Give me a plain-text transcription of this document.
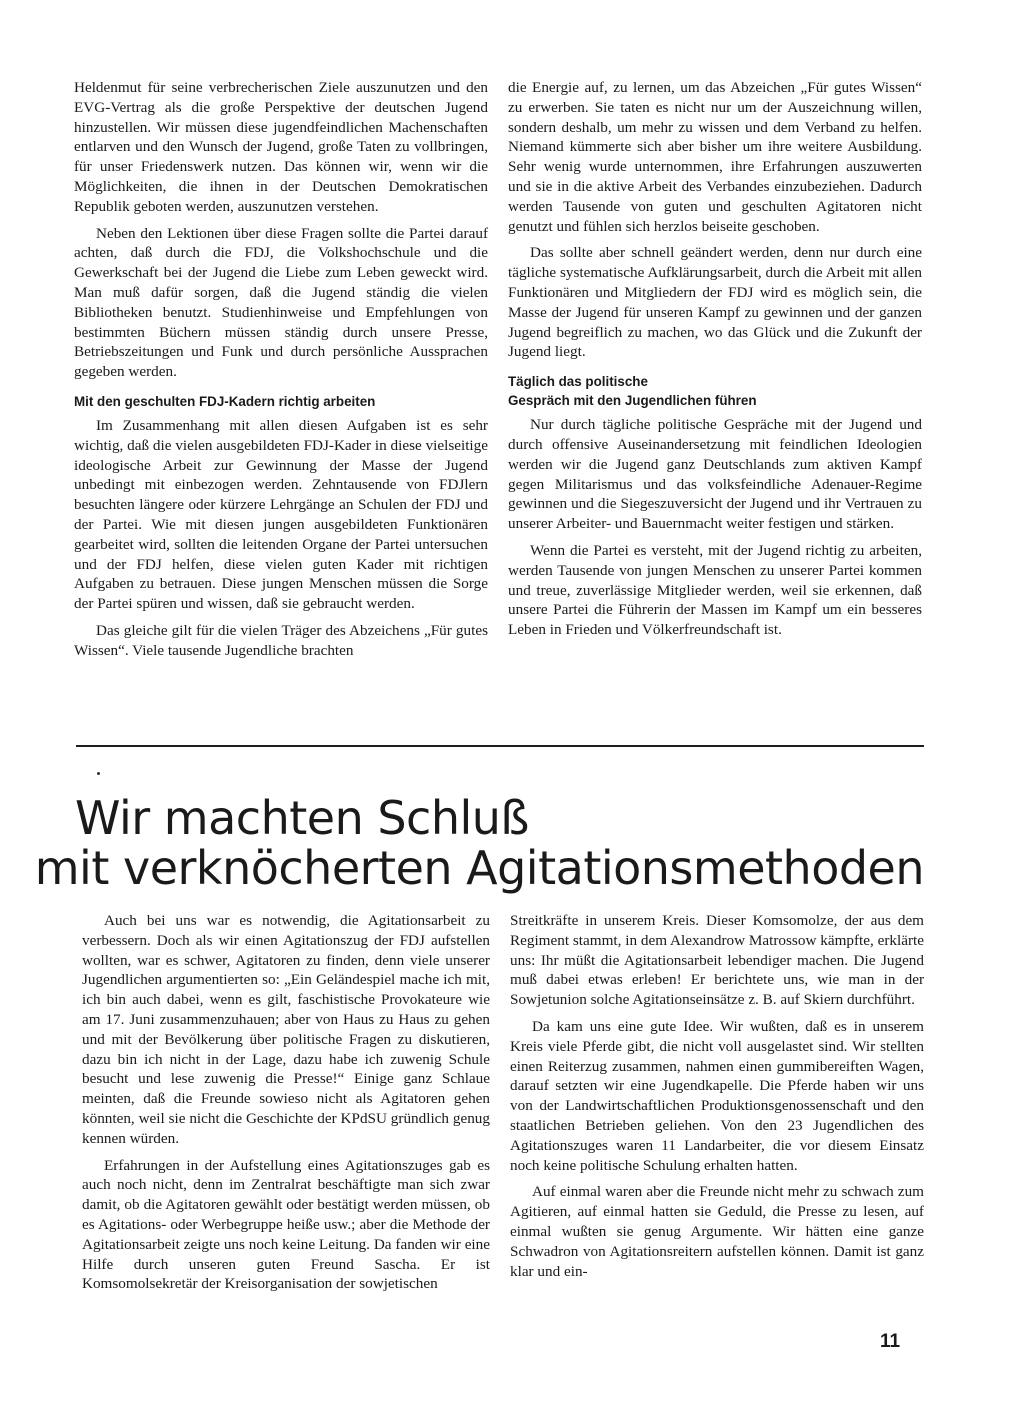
Heldenmut für seine verbrecherischen Ziele auszunutzen und den EVG-Vertrag als die große Perspektive der deutschen Jugend hinzustellen. Wir müssen diese jugendfeindlichen Machenschaften entlarven und den Wunsch der Jugend, große Taten zu vollbringen, für unser Friedenswerk nutzen. Das können wir, wenn wir die Möglichkeiten, die ihnen in der Deutschen Demokratischen Republik geboten werden, auszunutzen verstehen.

Neben den Lektionen über diese Fragen sollte die Partei darauf achten, daß durch die FDJ, die Volkshochschule und die Gewerkschaft bei der Jugend die Liebe zum Leben geweckt wird. Man muß dafür sorgen, daß die Jugend ständig die vielen Bibliotheken benutzt. Studienhinweise und Empfehlungen von bestimmten Büchern müssen ständig durch unsere Presse, Betriebszeitungen und Funk und durch persönliche Aussprachen gegeben werden.

Mit den geschulten FDJ-Kadern richtig arbeiten

Im Zusammenhang mit allen diesen Aufgaben ist es sehr wichtig, daß die vielen ausgebildeten FDJ-Kader in diese vielseitige ideologische Arbeit zur Gewinnung der Masse der Jugend unbedingt mit einbezogen werden. Zehntausende von FDJlern besuchten längere oder kürzere Lehrgänge an Schulen der FDJ und der Partei. Wie mit diesen jungen ausgebildeten Funktionären gearbeitet wird, sollten die leitenden Organe der Partei untersuchen und der FDJ helfen, diese vielen guten Kader mit richtigen Aufgaben zu betrauen. Diese jungen Menschen müssen die Sorge der Partei spüren und wissen, daß sie gebraucht werden.

Das gleiche gilt für die vielen Träger des Abzeichens „Für gutes Wissen“. Viele tausende Jugendliche brachten

die Energie auf, zu lernen, um das Abzeichen „Für gutes Wissen“ zu erwerben. Sie taten es nicht nur um der Auszeichnung willen, sondern deshalb, um mehr zu wissen und dem Verband zu helfen. Niemand kümmerte sich aber bisher um ihre weitere Ausbildung. Sehr wenig wurde unternommen, ihre Erfahrungen auszuwerten und sie in die aktive Arbeit des Verbandes einzubeziehen. Dadurch werden Tausende von guten und geschulten Agitatoren nicht genutzt und fühlen sich herzlos beiseite geschoben.

Das sollte aber schnell geändert werden, denn nur durch eine tägliche systematische Aufklärungsarbeit, durch die Arbeit mit allen Funktionären und Mitgliedern der FDJ wird es möglich sein, die Masse der Jugend für unseren Kampf zu gewinnen und der ganzen Jugend begreiflich zu machen, wo das Glück und die Zukunft der Jugend liegt.

Täglich das politische
Gespräch mit den Jugendlichen führen

Nur durch tägliche politische Gespräche mit der Jugend und durch offensive Auseinandersetzung mit feindlichen Ideologien werden wir die Jugend ganz Deutschlands zum aktiven Kampf gegen Militarismus und das volksfeindliche Adenauer-Regime gewinnen und die Siegeszuversicht der Jugend und ihr Vertrauen zu unserer Arbeiter- und Bauernmacht weiter festigen und stärken.

Wenn die Partei es versteht, mit der Jugend richtig zu arbeiten, werden Tausende von jungen Menschen zu unserer Partei kommen und treue, zuverlässige Mitglieder werden, weil sie erkennen, daß unsere Partei die Führerin der Massen im Kampf um ein besseres Leben in Frieden und Völkerfreundschaft ist.

Wir machten Schluß
mit verknöcherten Agitationsmethoden

Auch bei uns war es notwendig, die Agitationsarbeit zu verbessern. Doch als wir einen Agitationszug der FDJ aufstellen wollten, war es schwer, Agitatoren zu finden, denn viele unserer Jugendlichen argumentierten so: „Ein Geländespiel mache ich mit, ich bin auch dabei, wenn es gilt, faschistische Provokateure wie am 17. Juni zusammenzuhauen; aber von Haus zu Haus zu gehen und mit der Bevölkerung über politische Fragen zu diskutieren, dazu bin ich nicht in der Lage, dazu habe ich zuwenig Schule besucht und lese zuwenig die Presse!“ Einige ganz Schlaue meinten, daß die Freunde sowieso nicht als Agitatoren gehen könnten, weil sie nicht die Geschichte der KPdSU gründlich genug kennen würden.

Erfahrungen in der Aufstellung eines Agitationszuges gab es auch noch nicht, denn im Zentralrat beschäftigte man sich zwar damit, ob die Agitatoren gewählt oder bestätigt werden müssen, ob es Agitations- oder Werbegruppe heiße usw.; aber die Methode der Agitationsarbeit zeigte uns noch keine Leitung. Da fanden wir eine Hilfe durch unseren guten Freund Sascha. Er ist Komsomolsekretär der Kreisorganisation der sowjetischen

Streitkräfte in unserem Kreis. Dieser Komsomolze, der aus dem Regiment stammt, in dem Alexandrow Matrossow kämpfte, erklärte uns: Ihr müßt die Agitationsarbeit lebendiger machen. Die Jugend muß dabei etwas erleben! Er berichtete uns, wie man in der Sowjetunion solche Agitationseinsätze z. B. auf Skiern durchführt.

Da kam uns eine gute Idee. Wir wußten, daß es in unserem Kreis viele Pferde gibt, die nicht voll ausgelastet sind. Wir stellten einen Reiterzug zusammen, nahmen einen gummibereiften Wagen, darauf setzten wir eine Jugendkapelle. Die Pferde haben wir uns von der Landwirtschaftlichen Produktionsgenossenschaft und den staatlichen Betrieben geliehen. Von den 23 Jugendlichen des Agitationszuges waren 11 Landarbeiter, die vor diesem Einsatz noch keine politische Schulung erhalten hatten.

Auf einmal waren aber die Freunde nicht mehr zu schwach zum Agitieren, auf einmal hatten sie Geduld, die Presse zu lesen, auf einmal wußten sie genug Argumente. Wir hätten eine ganze Schwadron von Agitationsreitern aufstellen können. Damit ist ganz klar und ein-

11
